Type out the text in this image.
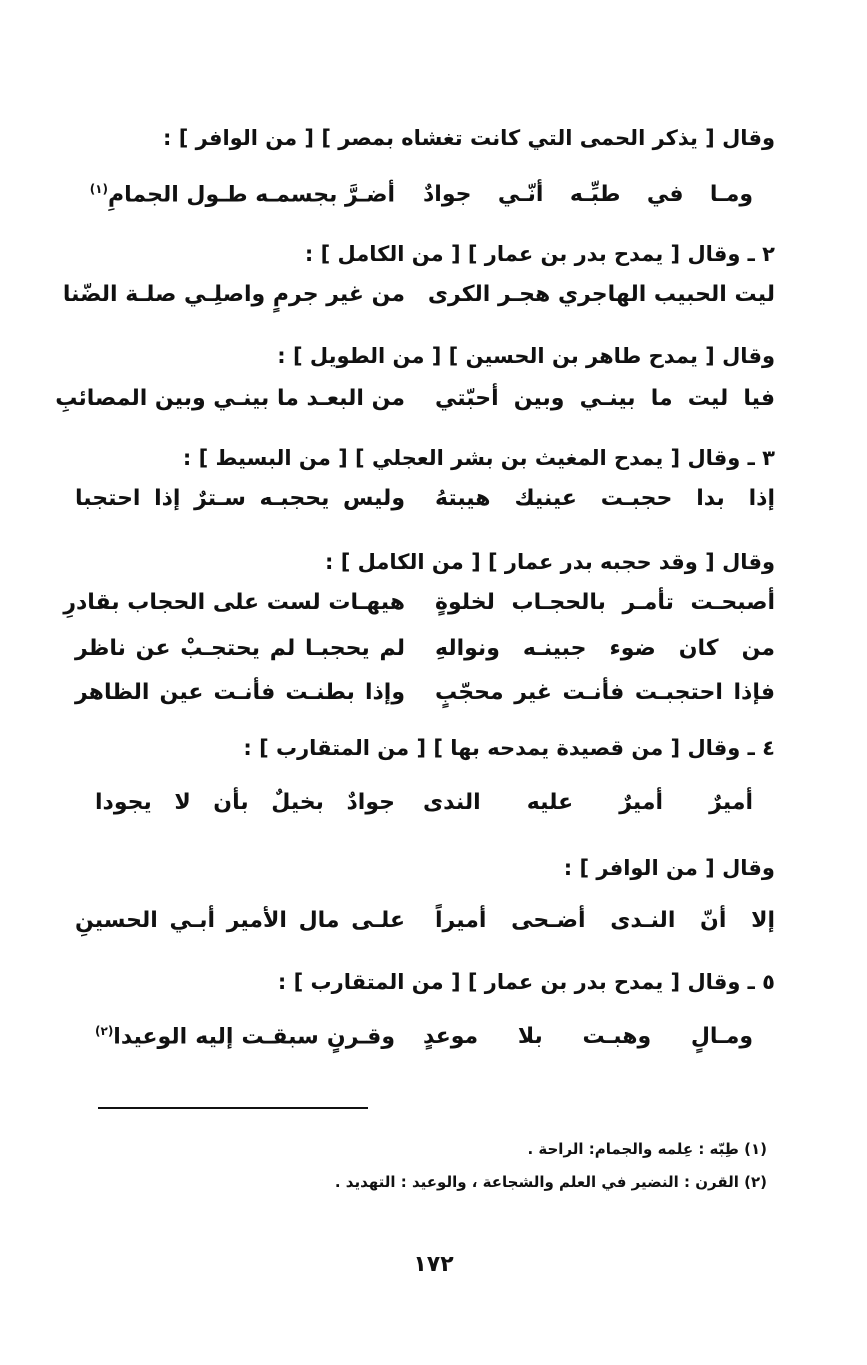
وقال [ يذكر الحمى التي كانت تغشاه بمصر ] [ من الوافر ] :
ومـا في طبِّـه أنّـي جوادٌ
أضـرَّ بجسمـه طـول الجمامِ$^{(١)}$
٢ ـ وقال [ يمدح بدر بن عمار ] [ من الكامل ] :
ليت الحبيب الهاجري هجـر الكرى
من غير جرمٍ واصلِـي صلـة الضّنا
وقال [ يمدح طاهر بن الحسين ] [ من الطويل ] :
فيا ليت ما بينـي وبين أحبّتي
من البعـد ما بينـي وبين المصائبِ
٣ ـ وقال [ يمدح المغيث بن بشر العجلي ] [ من البسيط ] :
إذا بدا حجبـت عينيك هيبتهُ
وليس يحجبـه سـترٌ إذا احتجبا
وقال [ وقد حجبه بدر عمار ] [ من الكامل ] :
أصبحـت تأمـر بالحجـاب لخلوةٍ
هيهـات لست على الحجاب بقادرِ
من كان ضوء جبينـه ونوالهِ
لم يحجبـا لم يحتجـبْ عن ناظر
فإذا احتجبـت فأنـت غير محجّبٍ
وإذا بطنـت فأنـت عين الظاهر
٤ ـ وقال [ من قصيدة يمدحه بها ] [ من المتقارب ] :
أميرٌ أميرٌ عليه الندى
جوادٌ بخيلٌ بأن لا يجودا
وقال [ من الوافر ] :
إلا أنّ النـدى أضـحى أميراً
علـى مال الأمير أبـي الحسينِ
٥ ـ وقال [ يمدح بدر بن عمار ] [ من المتقارب ] :
ومـالٍ وهبـت بلا موعدٍ
وقـرنٍ سبقـت إليه الوعيدا$^{(٢)}$
(١) طِبّه : عِلمه والجمام: الراحة .
(٢) القرن : النضير في العلم والشجاعة ، والوعيد : التهديد .
١٧٢
